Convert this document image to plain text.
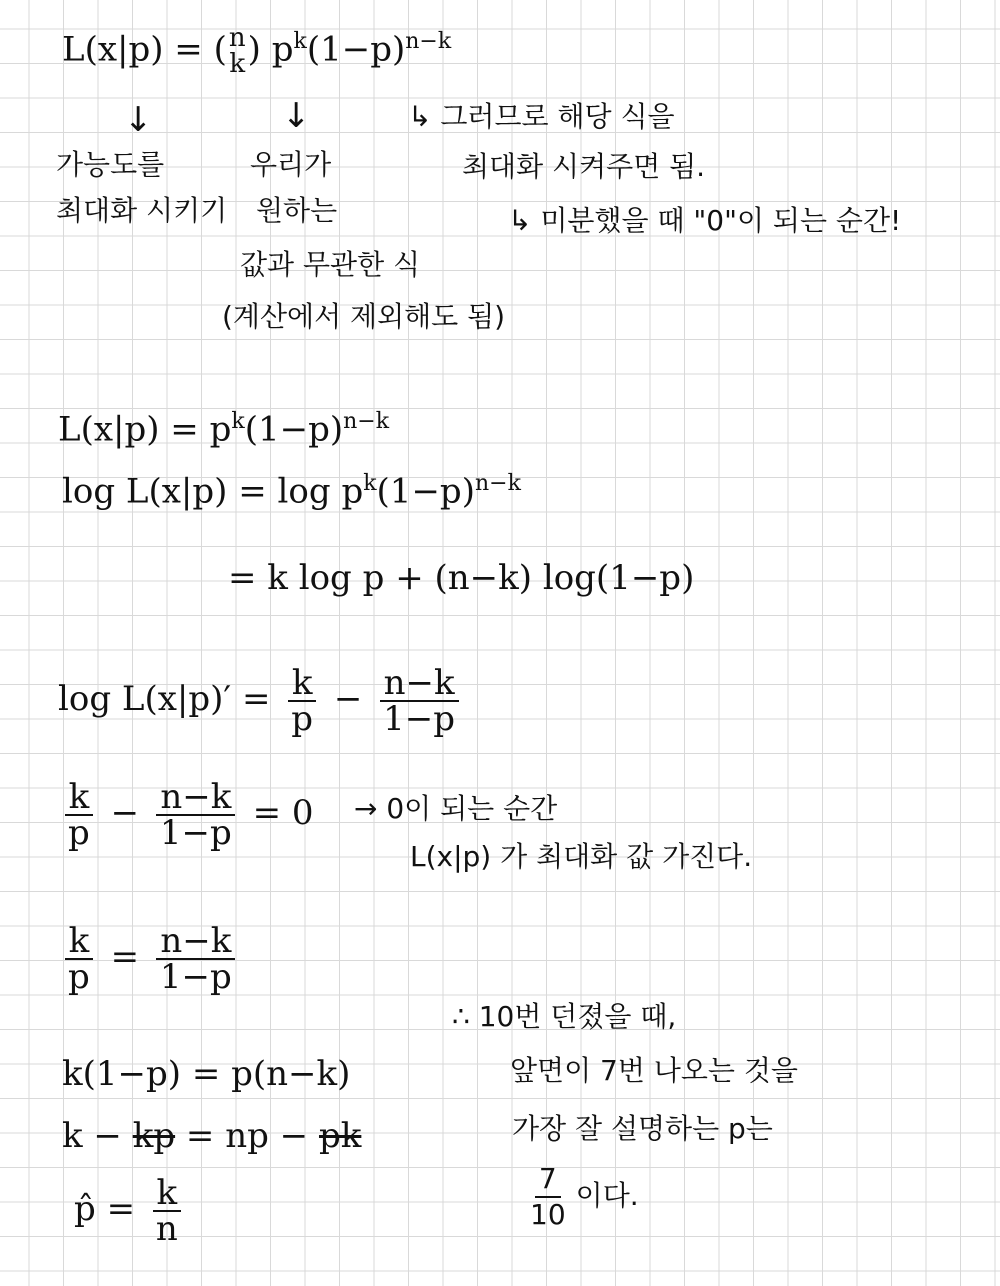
L(x|p) = ( n
k ) $p^k(1-p)^{n-k}$
↓	↓
가능도를
최대화 시키기
우리가
원하는
값과 무관한 식
(계산에서 제외해도 됨)
↳ 그러므로 해당 식을
최대화 시켜주면 됨.
↳ 미분했을 때 "0"이 되는 순간!
$L(x|p) = p^k(1-p)^{n-k}$
$\log L(x|p) = \log p^k(1-p)^{n-k}$
= k log p + (n−k) log(1−p)
$\log L(x|p)' = \frac{k}{p} - \frac{n-k}{1-p}$
$\frac{k}{p} - \frac{n-k}{1-p} = 0 \to 0$이 되는 순간
L(x|p) 가 최대화 값 가진다.
$\frac{k}{p} = \frac{n-k}{1-p}$
k(1−p) = p(n−k)
k − kp = np − pk
p̂ = $\frac{k}{n}$
∴ 10번 던졌을 때,
앞면이 7번 나오는 것을
가장 잘 설명하는 p는
$\frac{7}{10}$ 이다.
